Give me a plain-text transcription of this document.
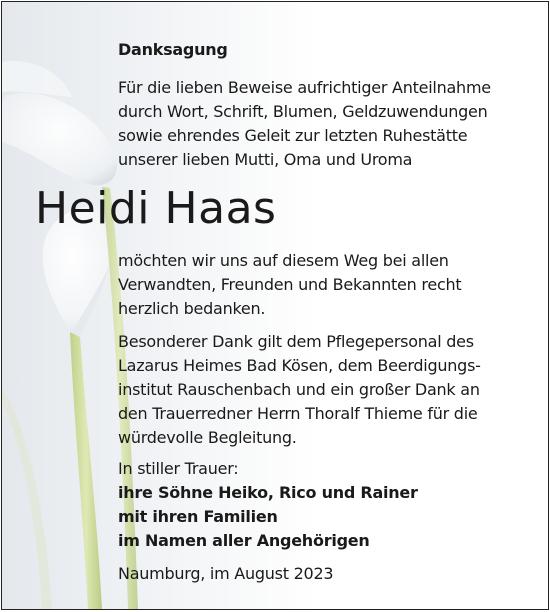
Danksagung

Für die lieben Beweise aufrichtiger Anteilnahme
durch Wort, Schrift, Blumen, Geldzuwendungen
sowie ehrendes Geleit zur letzten Ruhestätte
unserer lieben Mutti, Oma und Uroma
Heidi Haas
möchten wir uns auf diesem Weg bei allen
Verwandten, Freunden und Bekannten recht
herzlich bedanken.
Besonderer Dank gilt dem Pflegepersonal des
Lazarus Heimes Bad Kösen, dem Beerdigungs-
institut Rauschenbach und ein großer Dank an
den Trauerredner Herrn Thoralf Thieme für die
würdevolle Begleitung.
In stiller Trauer:
ihre Söhne Heiko, Rico und Rainer
mit ihren Familien
im Namen aller Angehörigen

Naumburg, im August 2023
